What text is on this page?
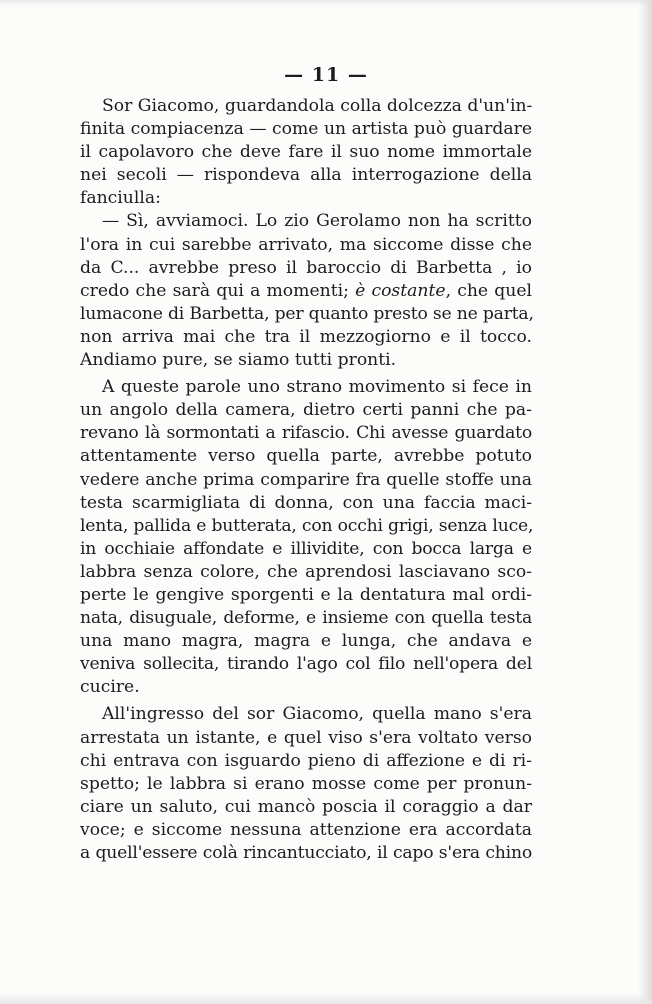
— 11 —
Sor Giacomo, guardandola colla dolcezza d'un'in-
finita compiacenza — come un artista può guardare
il capolavoro che deve fare il suo nome immortale
nei secoli — rispondeva alla interrogazione della
fanciulla:
— Sì, avviamoci. Lo zio Gerolamo non ha scritto
l'ora in cui sarebbe arrivato, ma siccome disse che
da C... avrebbe preso il baroccio di Barbetta , io
credo che sarà qui a momenti; è costante, che quel
lumacone di Barbetta, per quanto presto se ne parta,
non arriva mai che tra il mezzogiorno e il tocco.
Andiamo pure, se siamo tutti pronti.
A queste parole uno strano movimento si fece in
un angolo della camera, dietro certi panni che pa-
revano là sormontati a rifascio. Chi avesse guardato
attentamente verso quella parte, avrebbe potuto
vedere anche prima comparire fra quelle stoffe una
testa scarmigliata di donna, con una faccia maci-
lenta, pallida e butterata, con occhi grigi, senza luce,
in occhiaie affondate e illividite, con bocca larga e
labbra senza colore, che aprendosi lasciavano sco-
perte le gengive sporgenti e la dentatura mal ordi-
nata, disuguale, deforme, e insieme con quella testa
una mano magra, magra e lunga, che andava e
veniva sollecita, tirando l'ago col filo nell'opera del
cucire.
All'ingresso del sor Giacomo, quella mano s'era
arrestata un istante, e quel viso s'era voltato verso
chi entrava con isguardo pieno di affezione e di ri-
spetto; le labbra si erano mosse come per pronun-
ciare un saluto, cui mancò poscia il coraggio a dar
voce; e siccome nessuna attenzione era accordata
a quell'essere colà rincantucciato, il capo s'era chino
